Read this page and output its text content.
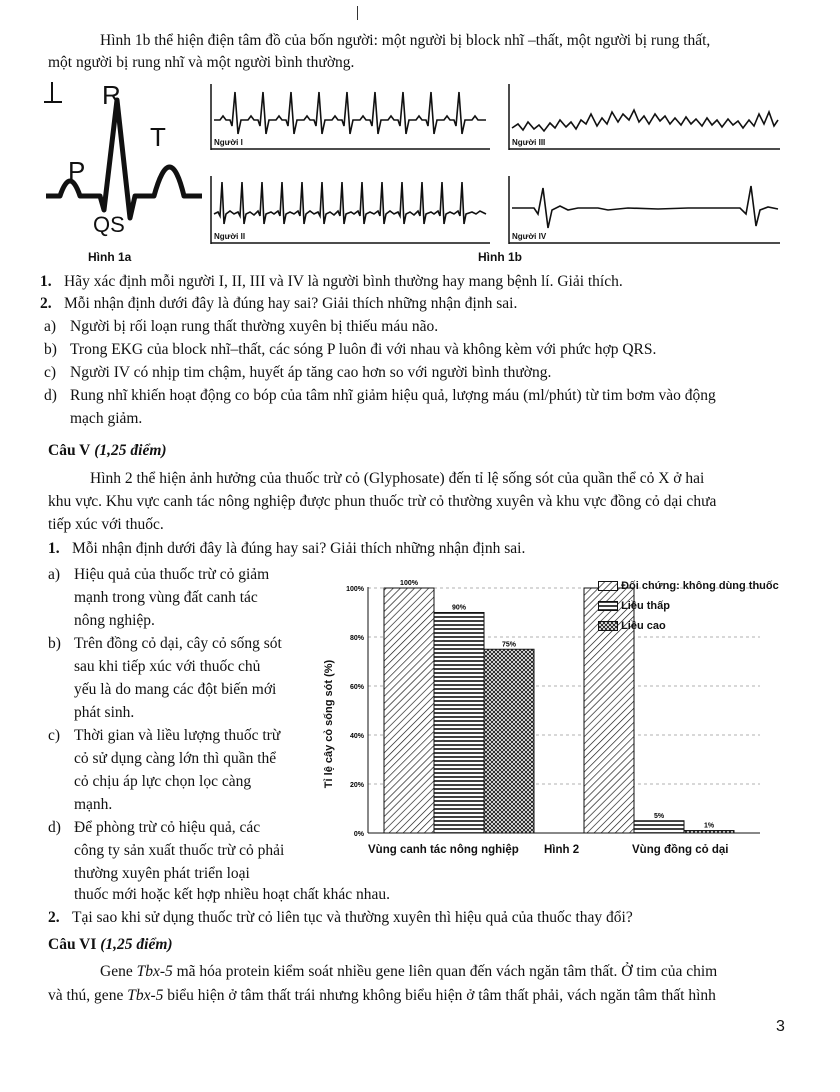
Hình 1b thể hiện điện tâm đồ của bốn người: một người bị block nhĩ –thất, một người bị rung thất,
một người bị rung nhĩ và một người bình thường.
R
T
P
QS
Hình 1a
Người I	Người III
Người II	Người IV
Hình 1b
1. Hãy xác định mỗi người I, II, III và IV là người bình thường hay mang bệnh lí. Giải thích.
2. Mỗi nhận định dưới đây là đúng hay sai? Giải thích những nhận định sai.
a) Người bị rối loạn rung thất thường xuyên bị thiếu máu não.
b) Trong EKG của block nhĩ–thất, các sóng P luôn đi với nhau và không kèm với phức hợp QRS.
c) Người IV có nhịp tim chậm, huyết áp tăng cao hơn so với người bình thường.
d) Rung nhĩ khiến hoạt động co bóp của tâm nhĩ giảm hiệu quả, lượng máu (ml/phút) từ tim bơm vào động
mạch giảm.
Câu V (1,25 điểm)
Hình 2 thể hiện ảnh hưởng của thuốc trừ cỏ (Glyphosate) đến tỉ lệ sống sót của quần thể cỏ X ở hai
khu vực. Khu vực canh tác nông nghiệp được phun thuốc trừ cỏ thường xuyên và khu vực đồng cỏ dại chưa
tiếp xúc với thuốc.
1. Mỗi nhận định dưới đây là đúng hay sai? Giải thích những nhận định sai.
a) Hiệu quả của thuốc trừ cỏ giảm
mạnh trong vùng đất canh tác
nông nghiệp.
b) Trên đồng cỏ dại, cây cỏ sống sót
sau khi tiếp xúc với thuốc chủ
yếu là do mang các đột biến mới
phát sinh.
c) Thời gian và liều lượng thuốc trừ
cỏ sử dụng càng lớn thì quần thể
cỏ chịu áp lực chọn lọc càng
mạnh.
d) Để phòng trừ cỏ hiệu quả, các
công ty sản xuất thuốc trừ cỏ phải
thường xuyên phát triển loại
thuốc mới hoặc kết hợp nhiều hoạt chất khác nhau.
2. Tại sao khi sử dụng thuốc trừ cỏ liên tục và thường xuyên thì hiệu quả của thuốc thay đổi?
0%
20%
40%
60%
80%
100%
100%
90%
5%
75%
1%
Tỉ lệ cây cỏ sống sót (%)
Vùng canh tác nông nghiệp Hình 2	Vùng đồng cỏ dại
Đối chứng: không dùng thuốc
Liều thấp
Liều cao
Câu VI (1,25 điểm)
Gene Tbx-5 mã hóa protein kiểm soát nhiều gene liên quan đến vách ngăn tâm thất. Ở tim của chim
và thú, gene Tbx-5 biểu hiện ở tâm thất trái nhưng không biểu hiện ở tâm thất phải, vách ngăn tâm thất hình
3
